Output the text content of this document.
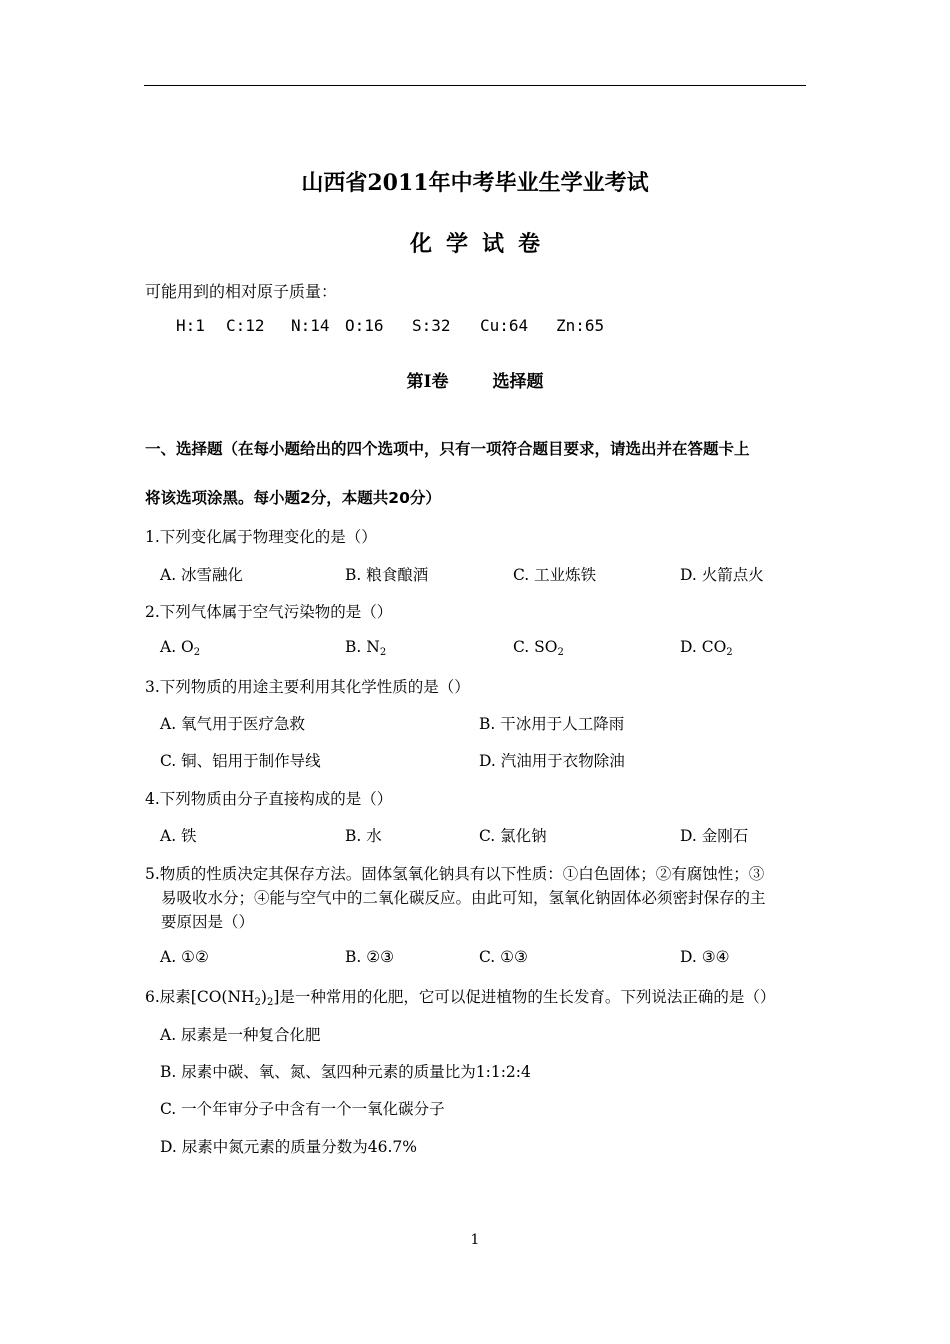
山西省2011年中考毕业生学业考试
化学试卷
可能用到的相对原子质量：
H:1 C:12 N:14 O:16 S:32 Cu:64 Zn:65
第Ⅰ卷	选择题
一、选择题（在每小题给出的四个选项中，只有一项符合题目要求，请选出并在答题卡上
将该选项涂黑。每小题2分，本题共20分）
1.下列变化属于物理变化的是（）
A. 冰雪融化	B. 粮食酿酒	C. 工业炼铁	D. 火箭点火
2.下列气体属于空气污染物的是（）
A. $O_2$	B. $N_2$	C. $SO_2$	D. $CO_2$
3.下列物质的用途主要利用其化学性质的是（）
A. 氧气用于医疗急救	B. 干冰用于人工降雨
C. 铜、铝用于制作导线	D. 汽油用于衣物除油
4.下列物质由分子直接构成的是（）
A. 铁	B. 水	C. 氯化钠	D. 金刚石
5.物质的性质决定其保存方法。固体氢氧化钠具有以下性质：①白色固体；②有腐蚀性；③
易吸收水分；④能与空气中的二氧化碳反应。由此可知，氢氧化钠固体必须密封保存的主
要原因是（）
A. ①②	B. ②③	C. ①③	D. ③④
6.尿素$[CO(NH_2)_2]$是一种常用的化肥，它可以促进植物的生长发育。下列说法正确的是（）
A. 尿素是一种复合化肥
B. 尿素中碳、氧、氮、氢四种元素的质量比为1:1:2:4
C. 一个年审分子中含有一个一氧化碳分子
D. 尿素中氮元素的质量分数为46.7%
1
